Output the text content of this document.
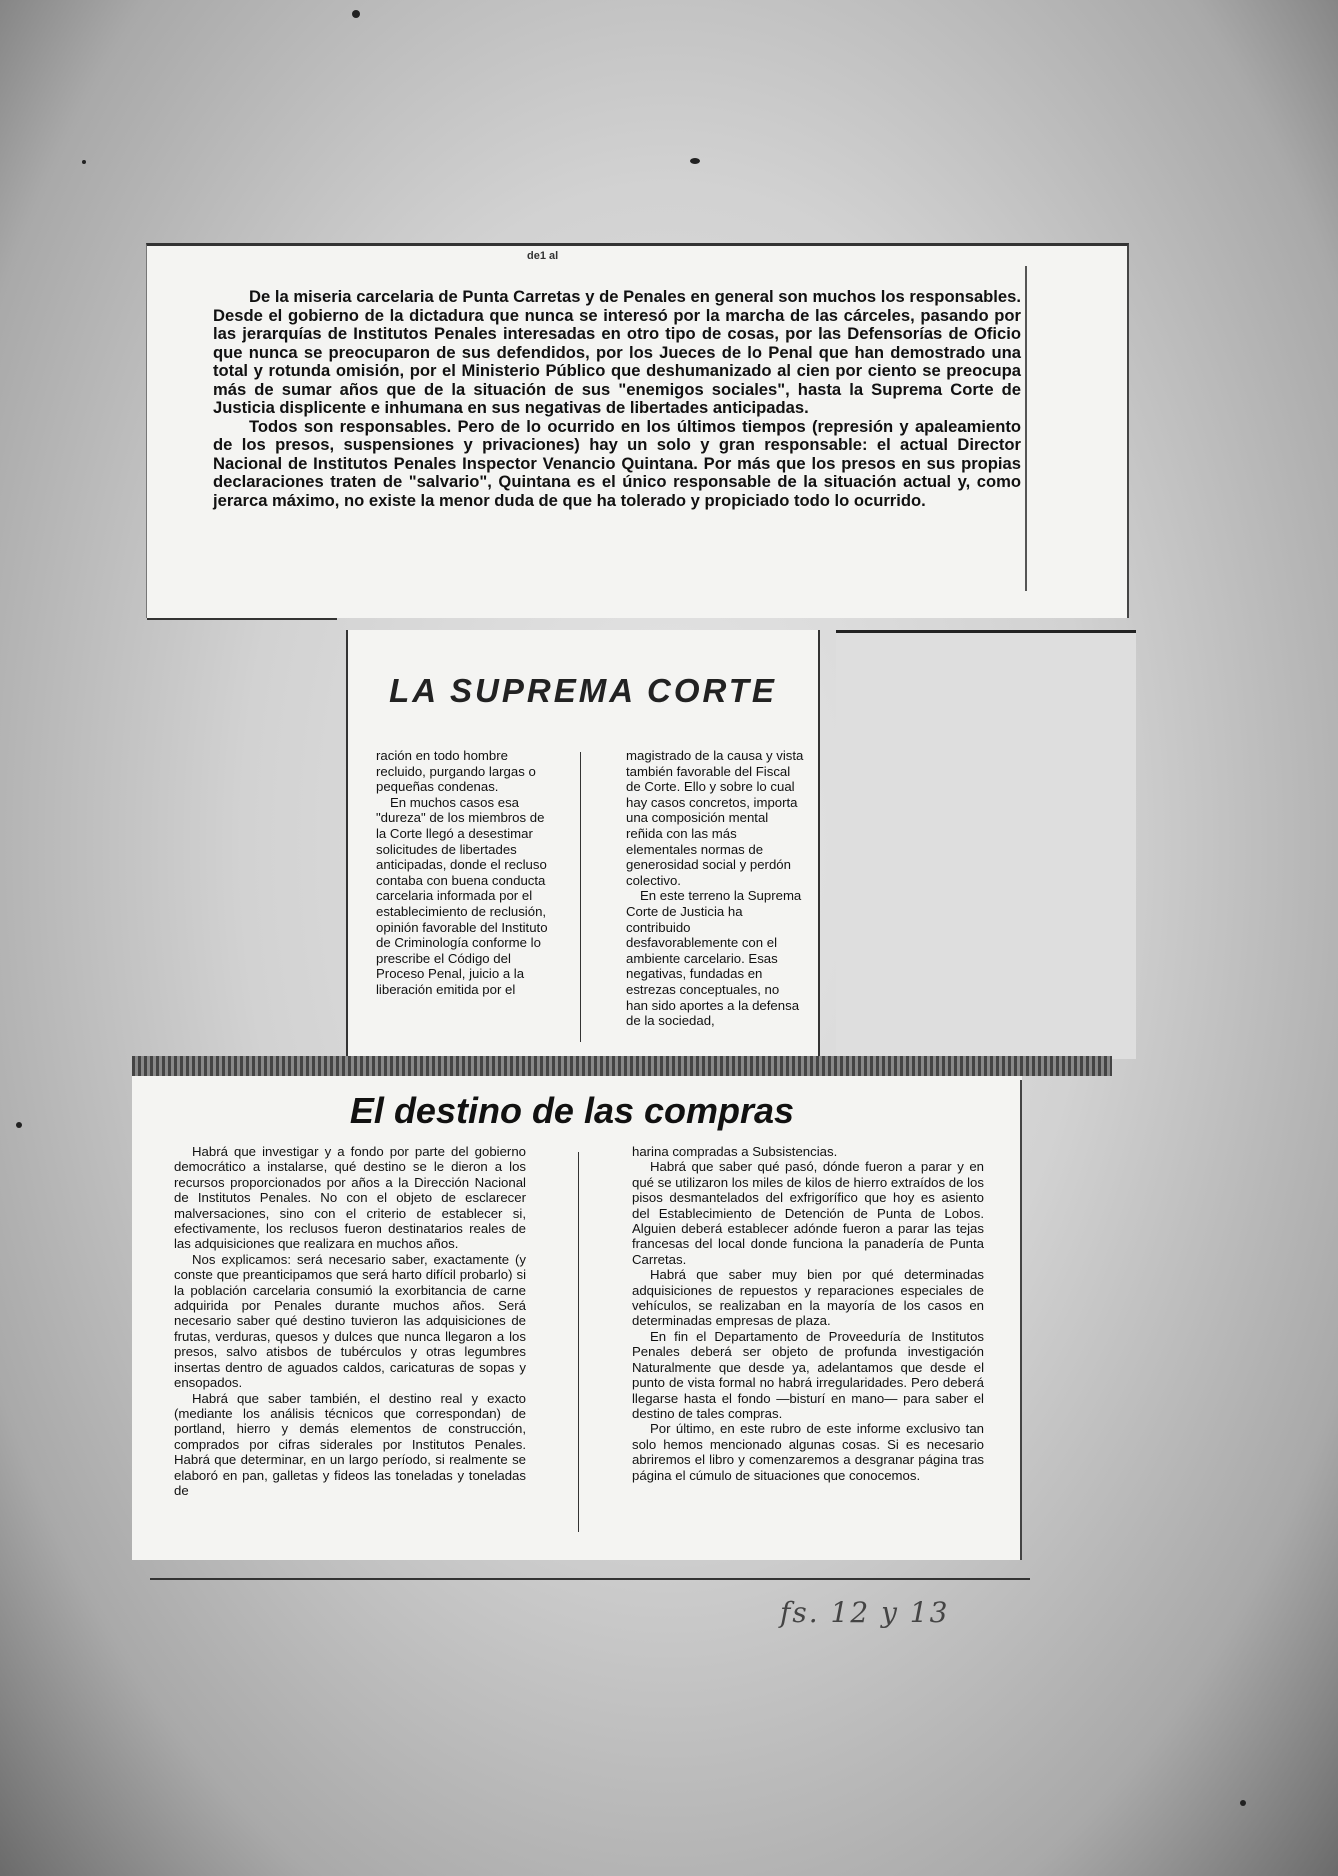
de1 al

De la miseria carcelaria de Punta Carretas y de Penales en general son muchos los responsables. Desde el gobierno de la dictadura que nunca se interesó por la marcha de las cárceles, pasando por las jerarquías de Institutos Penales interesadas en otro tipo de cosas, por las Defensorías de Oficio que nunca se preocuparon de sus defendidos, por los Jueces de lo Penal que han demostrado una total y rotunda omisión, por el Ministerio Público que deshumanizado al cien por ciento se preocupa más de sumar años que de la situación de sus "enemigos sociales", hasta la Suprema Corte de Justicia displicente e inhumana en sus negativas de libertades anticipadas.

Todos son responsables. Pero de lo ocurrido en los últimos tiempos (represión y apaleamiento de los presos, suspensiones y privaciones) hay un solo y gran responsable: el actual Director Nacional de Institutos Penales Inspector Venancio Quintana. Por más que los presos en sus propias declaraciones traten de "salvario", Quintana es el único responsable de la situación actual y, como jerarca máximo, no existe la menor duda de que ha tolerado y propiciado todo lo ocurrido.

LA SUPREMA CORTE

ración en todo hombre recluido, purgando largas o pequeñas condenas.

En muchos casos esa "dureza" de los miembros de la Corte llegó a desestimar solicitudes de libertades anticipadas, donde el recluso contaba con buena conducta carcelaria informada por el establecimiento de reclusión, opinión favorable del Instituto de Criminología conforme lo prescribe el Código del Proceso Penal, juicio a la liberación emitida por el

magistrado de la causa y vista también favorable del Fiscal de Corte. Ello y sobre lo cual hay casos concretos, importa una composición mental reñida con las más elementales normas de generosidad social y perdón colectivo.

En este terreno la Suprema Corte de Justicia ha contribuido desfavorablemente con el ambiente carcelario. Esas negativas, fundadas en estrezas conceptuales, no han sido aportes a la defensa de la sociedad,

El destino de las compras

Habrá que investigar y a fondo por parte del gobierno democrático a instalarse, qué destino se le dieron a los recursos proporcionados por años a la Dirección Nacional de Institutos Penales. No con el objeto de esclarecer malversaciones, sino con el criterio de establecer si, efectivamente, los reclusos fueron destinatarios reales de las adquisiciones que realizara en muchos años.

Nos explicamos: será necesario saber, exactamente (y conste que preanticipamos que será harto difícil probarlo) si la población carcelaria consumió la exorbitancia de carne adquirida por Penales durante muchos años. Será necesario saber qué destino tuvieron las adquisiciones de frutas, verduras, quesos y dulces que nunca llegaron a los presos, salvo atisbos de tubérculos y otras legumbres insertas dentro de aguados caldos, caricaturas de sopas y ensopados.

Habrá que saber también, el destino real y exacto (mediante los análisis técnicos que correspondan) de portland, hierro y demás elementos de construcción, comprados por cifras siderales por Institutos Penales. Habrá que determinar, en un largo período, si realmente se elaboró en pan, galletas y fideos las toneladas y toneladas de

harina compradas a Subsistencias.

Habrá que saber qué pasó, dónde fueron a parar y en qué se utilizaron los miles de kilos de hierro extraídos de los pisos desmantelados del exfrigorífico que hoy es asiento del Establecimiento de Detención de Punta de Lobos. Alguien deberá establecer adónde fueron a parar las tejas francesas del local donde funciona la panadería de Punta Carretas.

Habrá que saber muy bien por qué determinadas adquisiciones de repuestos y reparaciones especiales de vehículos, se realizaban en la mayoría de los casos en determinadas empresas de plaza.

En fin el Departamento de Proveeduría de Institutos Penales deberá ser objeto de profunda investigación Naturalmente que desde ya, adelantamos que desde el punto de vista formal no habrá irregularidades. Pero deberá llegarse hasta el fondo —bisturí en mano— para saber el destino de tales compras.

Por último, en este rubro de este informe exclusivo tan solo hemos mencionado algunas cosas. Si es necesario abriremos el libro y comenzaremos a desgranar página tras página el cúmulo de situaciones que conocemos.

fs. 12 y 13
